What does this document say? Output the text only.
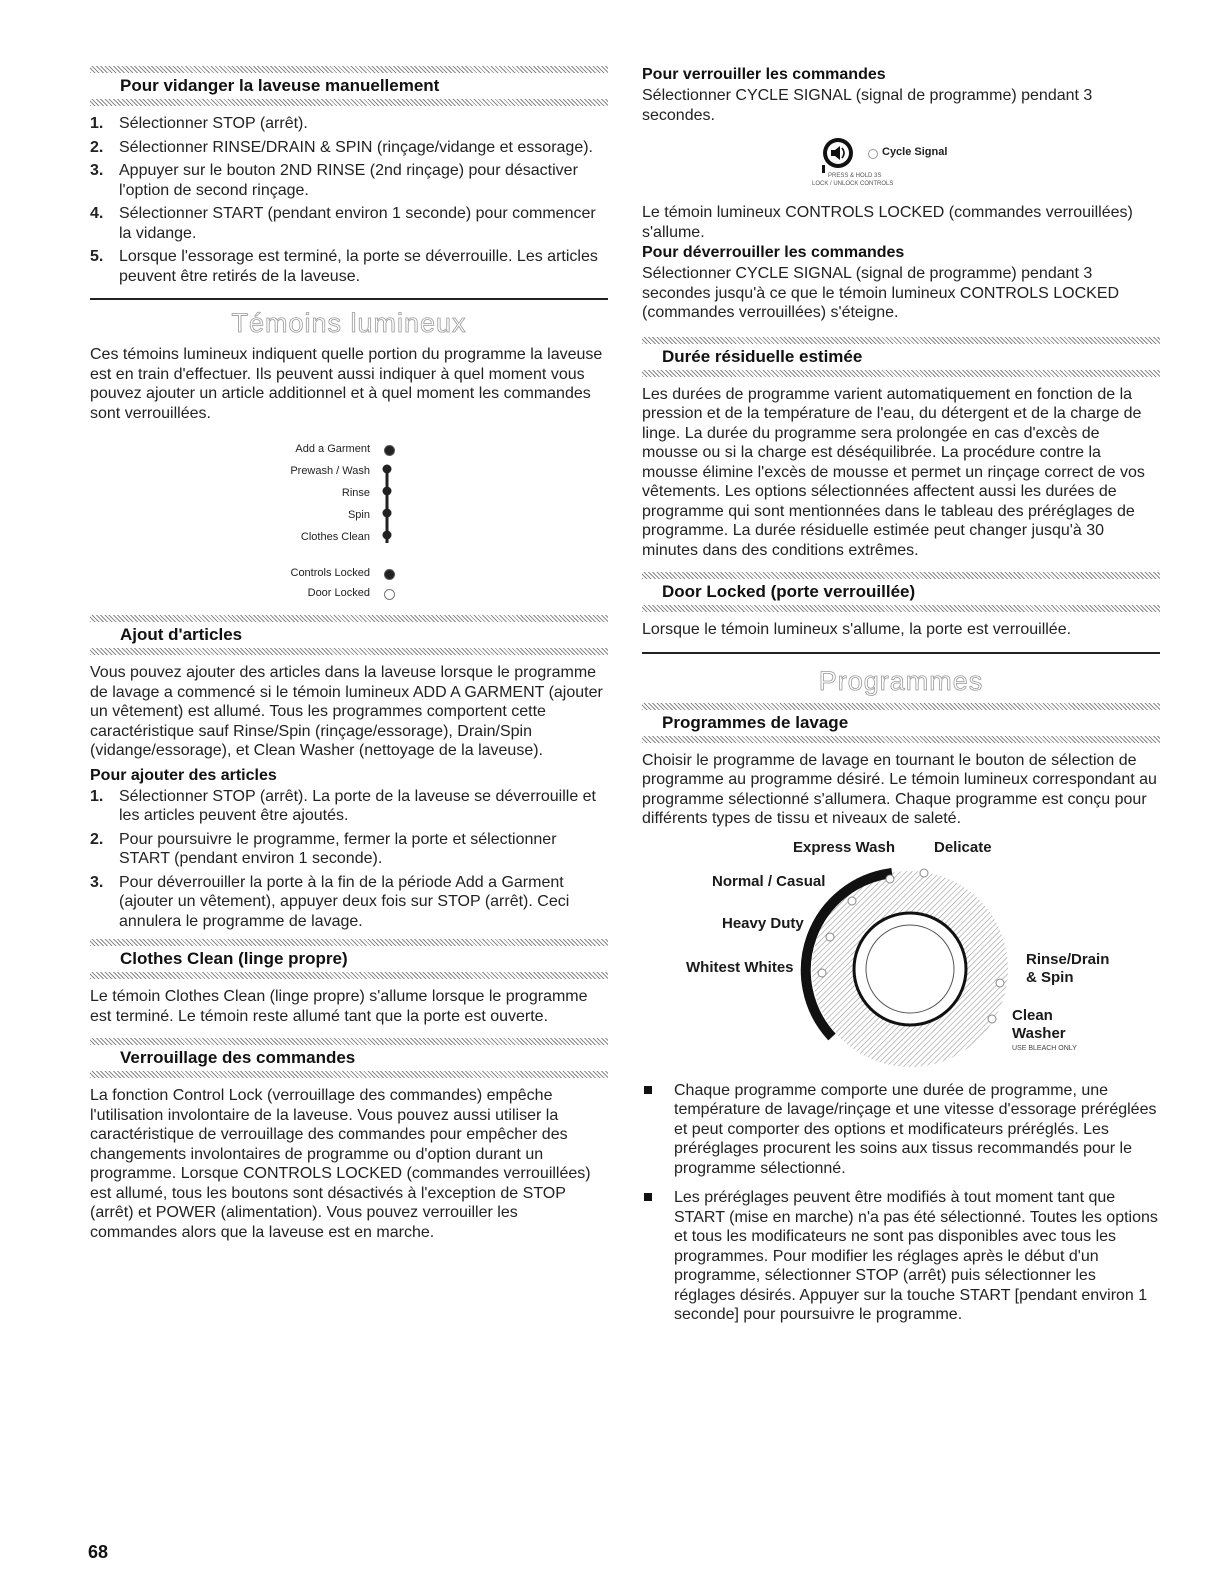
Pour vidanger la laveuse manuellement
1. Sélectionner STOP (arrêt).
2. Sélectionner RINSE/DRAIN & SPIN (rinçage/vidange et essorage).
3. Appuyer sur le bouton 2ND RINSE (2nd rinçage) pour désactiver l'option de second rinçage.
4. Sélectionner START (pendant environ 1 seconde) pour commencer la vidange.
5. Lorsque l'essorage est terminé, la porte se déverrouille. Les articles peuvent être retirés de la laveuse.
Témoins lumineux

Ces témoins lumineux indiquent quelle portion du programme la laveuse est en train d'effectuer. Ils peuvent aussi indiquer à quel moment vous pouvez ajouter un article additionnel et à quel moment les commandes sont verrouillées.

Add a Garment
Prewash / Wash
Rinse
Spin
Clothes Clean
Controls Locked
Door Locked
Ajout d'articles

Vous pouvez ajouter des articles dans la laveuse lorsque le programme de lavage a commencé si le témoin lumineux ADD A GARMENT (ajouter un vêtement) est allumé. Tous les programmes comportent cette caractéristique sauf Rinse/Spin (rinçage/essorage), Drain/Spin (vidange/essorage), et Clean Washer (nettoyage de la laveuse).

Pour ajouter des articles
1. Sélectionner STOP (arrêt). La porte de la laveuse se déverrouille et les articles peuvent être ajoutés.
2. Pour poursuivre le programme, fermer la porte et sélectionner START (pendant environ 1 seconde).
3. Pour déverrouiller la porte à la fin de la période Add a Garment (ajouter un vêtement), appuyer deux fois sur STOP (arrêt). Ceci annulera le programme de lavage.
Clothes Clean (linge propre)

Le témoin Clothes Clean (linge propre) s'allume lorsque le programme est terminé. Le témoin reste allumé tant que la porte est ouverte.

Verrouillage des commandes

La fonction Control Lock (verrouillage des commandes) empêche l'utilisation involontaire de la laveuse. Vous pouvez aussi utiliser la caractéristique de verrouillage des commandes pour empêcher des changements involontaires de programme ou d'option durant un programme. Lorsque CONTROLS LOCKED (commandes verrouillées) est allumé, tous les boutons sont désactivés à l'exception de STOP (arrêt) et POWER (alimentation). Vous pouvez verrouiller les commandes alors que la laveuse est en marche.

Pour verrouiller les commandes

Sélectionner CYCLE SIGNAL (signal de programme) pendant 3 secondes.

Cycle Signal
PRESS & HOLD 3S
LOCK / UNLOCK CONTROLS

Le témoin lumineux CONTROLS LOCKED (commandes verrouillées) s'allume.

Pour déverrouiller les commandes

Sélectionner CYCLE SIGNAL (signal de programme) pendant 3 secondes jusqu'à ce que le témoin lumineux CONTROLS LOCKED (commandes verrouillées) s'éteigne.

Durée résiduelle estimée

Les durées de programme varient automatiquement en fonction de la pression et de la température de l'eau, du détergent et de la charge de linge. La durée du programme sera prolongée en cas d'excès de mousse ou si la charge est déséquilibrée. La procédure contre la mousse élimine l'excès de mousse et permet un rinçage correct de vos vêtements. Les options sélectionnées affectent aussi les durées de programme qui sont mentionnées dans le tableau des préréglages de programme. La durée résiduelle estimée peut changer jusqu'à 30 minutes dans des conditions extrêmes.

Door Locked (porte verrouillée)

Lorsque le témoin lumineux s'allume, la porte est verrouillée.

Programmes
Programmes de lavage

Choisir le programme de lavage en tournant le bouton de sélection de programme au programme désiré. Le témoin lumineux correspondant au programme sélectionné s'allumera. Chaque programme est conçu pour différents types de tissu et niveaux de saleté.

Express Wash	Delicate
Normal / Casual
Heavy Duty
Whitest Whites	Rinse/Drain
& Spin
Clean
Washer
USE BLEACH ONLY
Chaque programme comporte une durée de programme, une température de lavage/rinçage et une vitesse d'essorage préréglées et peut comporter des options et modificateurs préréglés. Les préréglages procurent les soins aux tissus recommandés pour le programme sélectionné.
Les préréglages peuvent être modifiés à tout moment tant que START (mise en marche) n'a pas été sélectionné. Toutes les options et tous les modificateurs ne sont pas disponibles avec tous les programmes. Pour modifier les réglages après le début d'un programme, sélectionner STOP (arrêt) puis sélectionner les réglages désirés. Appuyer sur la touche START [pendant environ 1 seconde] pour poursuivre le programme.
68
